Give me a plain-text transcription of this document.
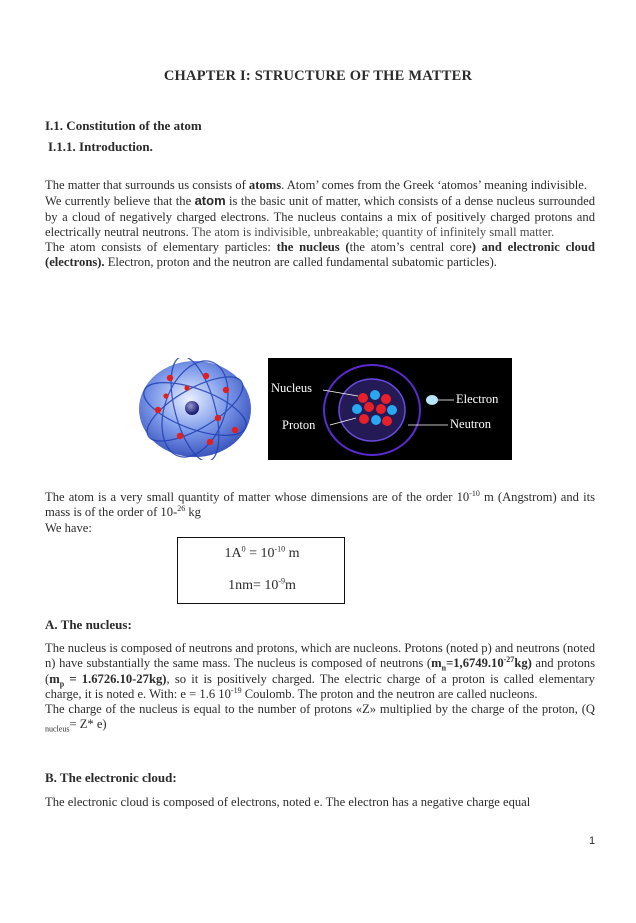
CHAPTER I: STRUCTURE OF THE MATTER
I.1. Constitution of the atom
I.1.1. Introduction.
The matter that surrounds us consists of atoms. Atom’ comes from the Greek ‘atomos’ meaning indivisible.
We currently believe that the atom is the basic unit of matter, which consists of a dense nucleus surrounded by a cloud of negatively charged electrons. The nucleus contains a mix of positively charged protons and electrically neutral neutrons. The atom is indivisible, unbreakable; quantity of infinitely small matter.
The atom consists of elementary particles: the nucleus (the atom’s central core) and electronic cloud (electrons). Electron, proton and the neutron are called fundamental subatomic particles).
Nucleus
Proton
Electron
Neutron
The atom is a very small quantity of matter whose dimensions are of the order $10^{-10}$ m (Angstrom) and its mass is of the order of 10-$^{26}$ kg
We have:
$1A^0 = 10^{-10}$ m
$1nm= 10^{-9}m$
A. The nucleus:
The nucleus is composed of neutrons and protons, which are nucleons. Protons (noted p) and neutrons (noted n) have substantially the same mass. The nucleus is composed of neutrons $(m_n=1,6749.10^{-27}kg)$ and protons $(m_p = 1.6726.10-27kg)$, so it is positively charged. The electric charge of a proton is called elementary charge, it is noted e. With: e = 1.6 $10^{-19}$ Coulomb. The proton and the neutron are called nucleons.
The charge of the nucleus is equal to the number of protons «Z» multiplied by the charge of the proton, (Q $_{nucleus}$= Z* e)
B. The electronic cloud:
The electronic cloud is composed of electrons, noted e. The electron has a negative charge equal
1
